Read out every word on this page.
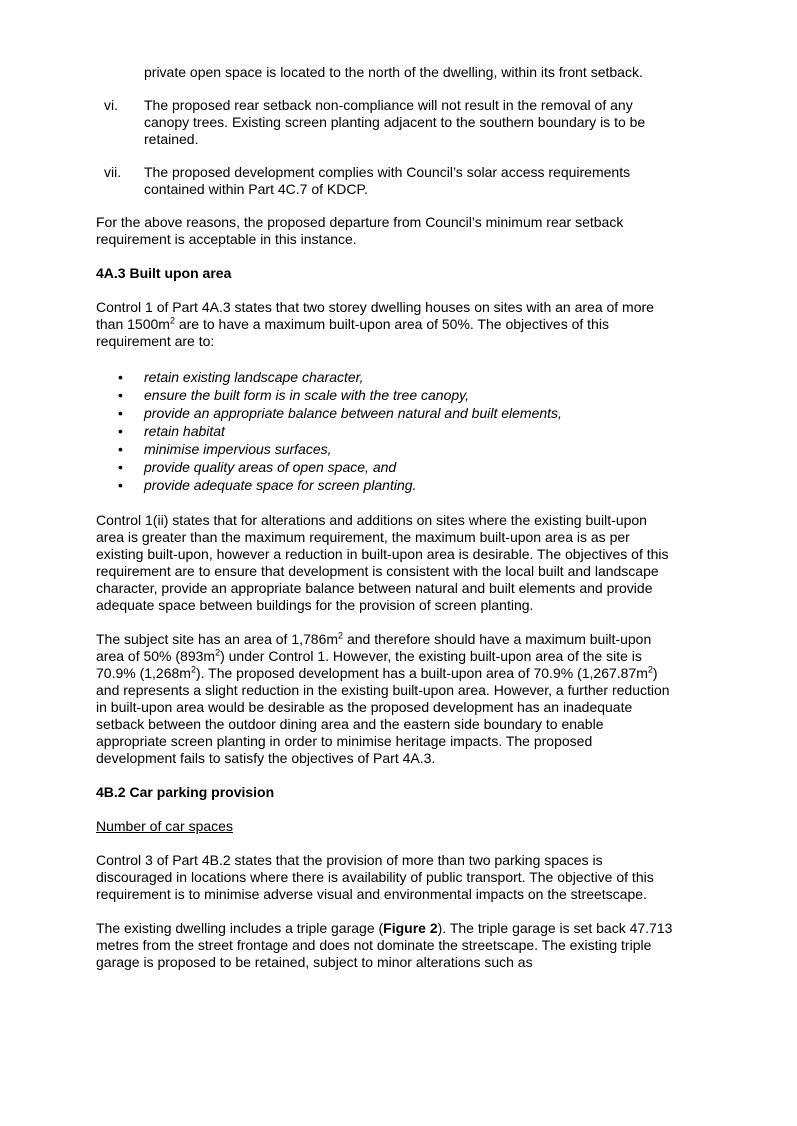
private open space is located to the north of the dwelling, within its front setback.

vi. The proposed rear setback non-compliance will not result in the removal of any canopy trees. Existing screen planting adjacent to the southern boundary is to be retained.

vii. The proposed development complies with Council’s solar access requirements contained within Part 4C.7 of KDCP.

For the above reasons, the proposed departure from Council’s minimum rear setback requirement is acceptable in this instance.

4A.3 Built upon area

Control 1 of Part 4A.3 states that two storey dwelling houses on sites with an area of more than $1500m^2$ are to have a maximum built-upon area of 50%. The objectives of this requirement are to:

• retain existing landscape character,
• ensure the built form is in scale with the tree canopy,
• provide an appropriate balance between natural and built elements,
• retain habitat
• minimise impervious surfaces,
• provide quality areas of open space, and
• provide adequate space for screen planting.

Control 1(ii) states that for alterations and additions on sites where the existing built-upon area is greater than the maximum requirement, the maximum built-upon area is as per existing built-upon, however a reduction in built-upon area is desirable. The objectives of this requirement are to ensure that development is consistent with the local built and landscape character, provide an appropriate balance between natural and built elements and provide adequate space between buildings for the provision of screen planting.

The subject site has an area of $1,786m^2$ and therefore should have a maximum built-upon area of 50% $(893m^2)$ under Control 1. However, the existing built-upon area of the site is 70.9% $(1,268m^2)$. The proposed development has a built-upon area of 70.9% $(1,267.87m^2)$ and represents a slight reduction in the existing built-upon area. However, a further reduction in built-upon area would be desirable as the proposed development has an inadequate setback between the outdoor dining area and the eastern side boundary to enable appropriate screen planting in order to minimise heritage impacts. The proposed development fails to satisfy the objectives of Part 4A.3.

4B.2 Car parking provision

Number of car spaces

Control 3 of Part 4B.2 states that the provision of more than two parking spaces is discouraged in locations where there is availability of public transport. The objective of this requirement is to minimise adverse visual and environmental impacts on the streetscape.

The existing dwelling includes a triple garage (Figure 2). The triple garage is set back 47.713 metres from the street frontage and does not dominate the streetscape. The existing triple garage is proposed to be retained, subject to minor alterations such as
